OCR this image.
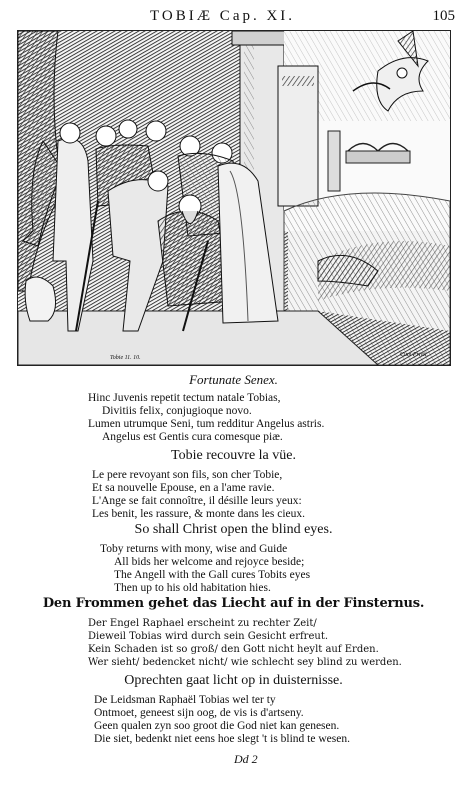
TOBIÆ Cap. XI.	105
Tobie 11. 10.	Cum Privil.
Fortunate Senex.
Hinc Juvenis repetit tectum natale Tobias,
Divitiis felix, conjugioque novo.
Lumen utrumque Seni, tum redditur Angelus astris.
Angelus est Gentis cura comesque piæ.
Tobie recouvre la vüe.
Le pere revoyant son fils, son cher Tobie,
Et sa nouvelle Epouse, en a l'ame ravie.
L'Ange se fait connoître, il désille leurs yeux:
Les benit, les rassure, & monte dans les cieux.
So shall Christ open the blind eyes.
Toby returns with mony, wise and Guide
All bids her welcome and rejoyce beside;
The Angell with the Gall cures Tobits eyes
Then up to his old habitation hies.
Den Frommen gehet das Liecht auf in der Finsternus.
Der Engel Raphael erscheint zu rechter Zeit/
Dieweil Tobias wird durch sein Gesicht erfreut.
Kein Schaden ist so groß/ den Gott nicht heylt auf Erden.
Wer sieht/ bedencket nicht/ wie schlecht sey blind zu werden.
Oprechten gaat licht op in duisternisse.
De Leidsman Raphaël Tobias wel ter ty
Ontmoet, geneest sijn oog, de vis is d'artseny.
Geen qualen zyn soo groot die God niet kan genesen.
Die siet, bedenkt niet eens hoe slegt 't is blind te wesen.
Dd 2
